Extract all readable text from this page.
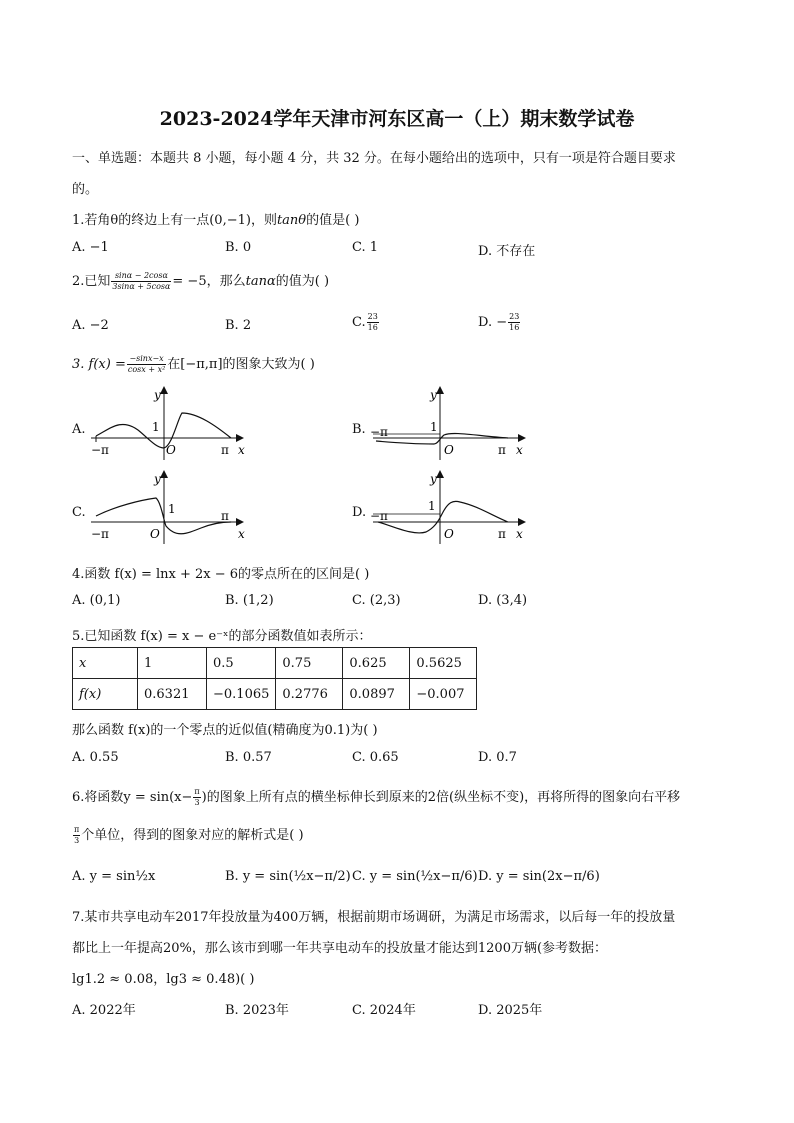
2023-2024学年天津市河东区高一（上）期末数学试卷
一、单选题：本题共 8 小题，每小题 4 分，共 32 分。在每小题给出的选项中，只有一项是符合题目要求
的。
1.若角θ的终边上有一点(0,−1)，则tanθ的值是( )
A. −1	B. 0	C. 1	D. 不存在
2.已知 $\frac{\sin\alpha - 2\cos\alpha}{3\sin\alpha + 5\cos\alpha} = -5$，那么tanα的值为( )
A. −2	B. 2	C. $\frac{23}{16}$	D. − $\frac{23}{16}$
3. $f(x) = \frac{-\sin x-x}{\text{cosx + x²}}$ 在[−π,π]的图象大致为( )
A.
y
1
O
−π	π x
B.
y
1
O
−π
π x
C.
y
1
O
−π
π
x
D.
y
1
O
−π
π x
4.函数 f(x) = lnx + 2x − 6的零点所在的区间是( )
A. (0,1)	B. (1,2)	C. (2,3)	D. (3,4)
5.已知函数 f(x) = x − e⁻ˣ的部分函数值如表所示：
x	1	0.5	0.75	0.625	0.5625
f(x)	0.6321	−0.1065	0.2776	0.0897	−0.007
那么函数 f(x)的一个零点的近似值(精确度为0.1)为( )
A. 0.55	B. 0.57	C. 0.65	D. 0.7
6.将函数$y = \sin(x- \frac{\pi}{3}$ )的图象上所有点的横坐标伸长到原来的2倍(纵坐标不变)，再将所得的图象向右平移
$\frac{\pi}{3}$ 个单位，得到的图象对应的解析式是( )
A. y = sin½x	B. y = sin(½x−π/2) C. y = sin(½x−π/6) D. y = sin(2x−π/6)
7.某市共享电动车2017年投放量为400万辆，根据前期市场调研，为满足市场需求，以后每一年的投放量
都比上一年提高20%，那么该市到哪一年共享电动车的投放量才能达到1200万辆(参考数据：
lg1.2 ≈ 0.08，lg3 ≈ 0.48)( )
A. 2022年	B. 2023年	C. 2024年	D. 2025年
